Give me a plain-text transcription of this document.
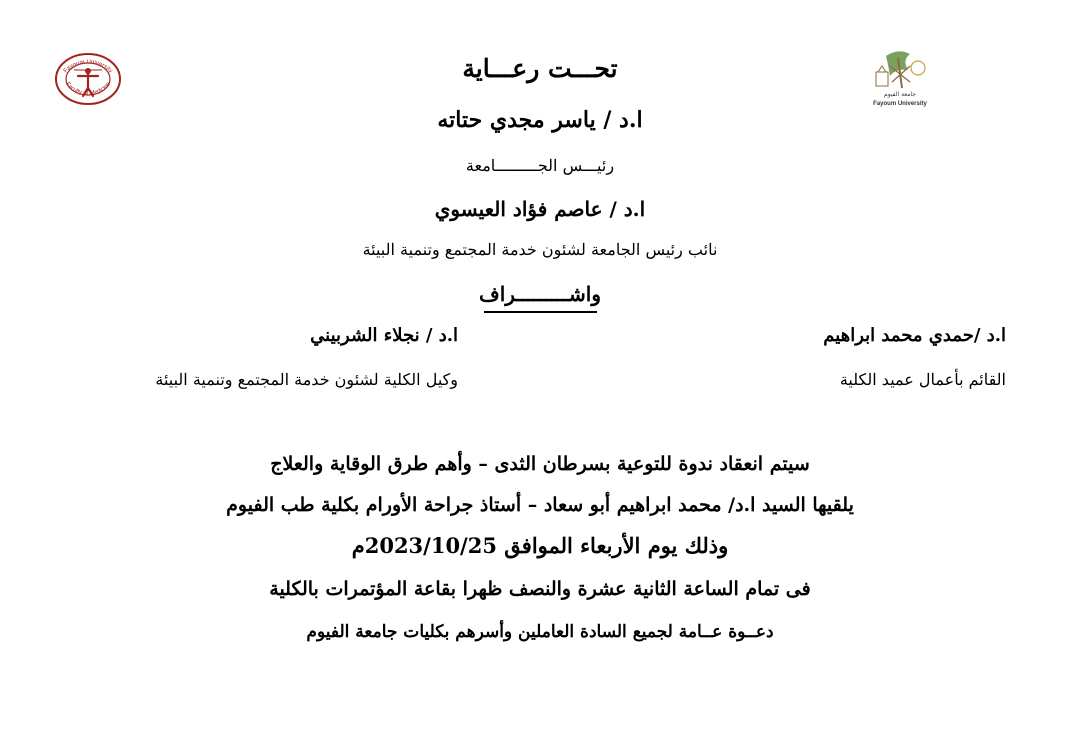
Fayoum University
Faculty of Medicine
جامعة الفيوم
Fayoum University
تحـــت رعـــاية
ا.د / ياسر مجدي حتاته
رئيـــس الجـــــــــامعة
ا.د / عاصم فؤاد العيسوي
نائب رئيس الجامعة لشئون خدمة المجتمع وتنمية البيئة
واشـــــــــراف
ا.د /حمدي محمد ابراهيم
القائم بأعمال عميد الكلية
ا.د / نجلاء الشربيني
وكيل الكلية لشئون خدمة المجتمع وتنمية البيئة
سيتم انعقاد ندوة للتوعية بسرطان الثدى – وأهم طرق الوقاية والعلاج
يلقيها السيد ا.د/ محمد ابراهيم أبو سعاد – أستاذ جراحة الأورام بكلية طب الفيوم
وذلك يوم الأربعاء الموافق 2023/10/25م
فى تمام الساعة الثانية عشرة والنصف ظهرا بقاعة المؤتمرات بالكلية
دعــوة عــامة لجميع السادة العاملين وأسرهم بكليات جامعة الفيوم
